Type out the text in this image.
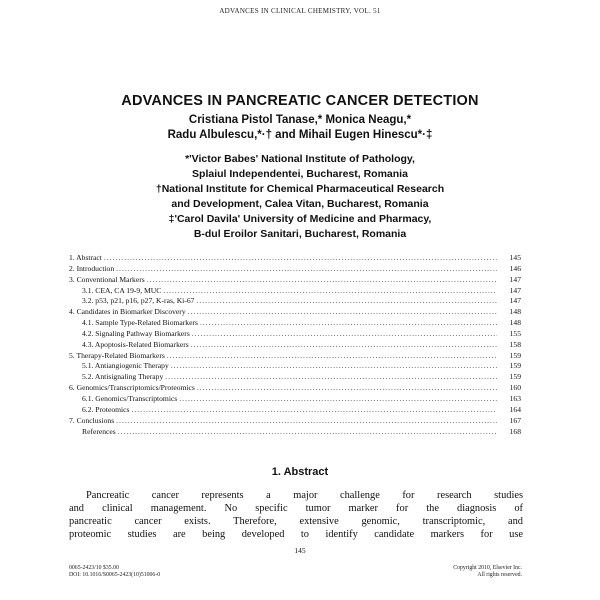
ADVANCES IN CLINICAL CHEMISTRY, VOL. 51
ADVANCES IN PANCREATIC CANCER DETECTION
Cristiana Pistol Tanase,* Monica Neagu,*
Radu Albulescu,*·† and Mihail Eugen Hinescu*·‡
*'Victor Babes' National Institute of Pathology,
Splaiul Independentei, Bucharest, Romania
†National Institute for Chemical Pharmaceutical Research
and Development, Calea Vitan, Bucharest, Romania
‡'Carol Davila' University of Medicine and Pharmacy,
B-dul Eroilor Sanitari, Bucharest, Romania
1. Abstract .....	145
2. Introduction .....	146
3. Conventional Markers .....	147
3.1. CEA, CA 19-9, MUC .....	147
3.2. p53, p21, p16, p27, K-ras, Ki-67 .....	147
4. Candidates in Biomarker Discovery .....	148
4.1. Sample Type-Related Biomarkers .....	148
4.2. Signaling Pathway Biomarkers .....	155
4.3. Apoptosis-Related Biomarkers .....	158
5. Therapy-Related Biomarkers .....	159
5.1. Antiangiogenic Therapy .....	159
5.2. Antisignaling Therapy .....	159
6. Genomics/Transcriptomics/Proteomics .....	160
6.1. Genomics/Transcriptomics .....	163
6.2. Proteomics .....	164
7. Conclusions .....	167
References .....	168
1. Abstract

Pancreatic cancer represents a major challenge for research studies
and clinical management. No specific tumor marker for the diagnosis of
pancreatic cancer exists. Therefore, extensive genomic, transcriptomic, and
proteomic studies are being developed to identify candidate markers for use

145
0065-2423/10 $35.00
DOI: 10.1016/S0065-2423(10)51006-0
Copyright 2010, Elsevier Inc.
All rights reserved.
